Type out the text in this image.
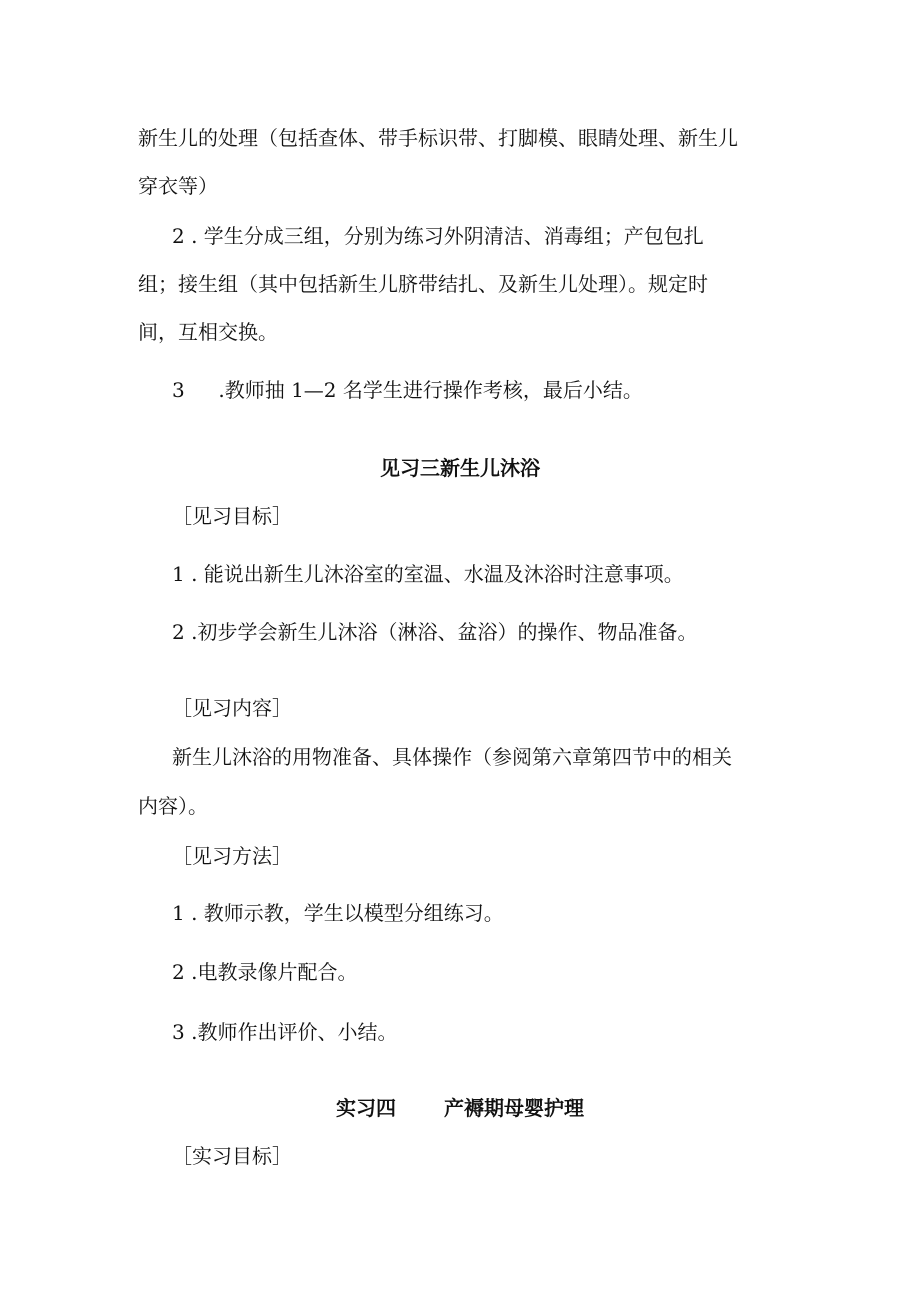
新生儿的处理（包括查体、带手标识带、打脚模、眼睛处理、新生儿
穿衣等）
2 . 学生分成三组，分别为练习外阴清洁、消毒组；产包包扎
组；接生组（其中包括新生儿脐带结扎、及新生儿处理）。规定时
间，互相交换。
3 .教师抽 1—2 名学生进行操作考核，最后小结。
见习三新生儿沐浴
［见习目标］
1 . 能说出新生儿沐浴室的室温、水温及沐浴时注意事项。
2 .初步学会新生儿沐浴（淋浴、盆浴）的操作、物品准备。
［见习内容］
新生儿沐浴的用物准备、具体操作（参阅第六章第四节中的相关
内容）。
［见习方法］
1 . 教师示教，学生以模型分组练习。
2 .电教录像片配合。
3 .教师作出评价、小结。
实习四 产褥期母婴护理
［实习目标］
